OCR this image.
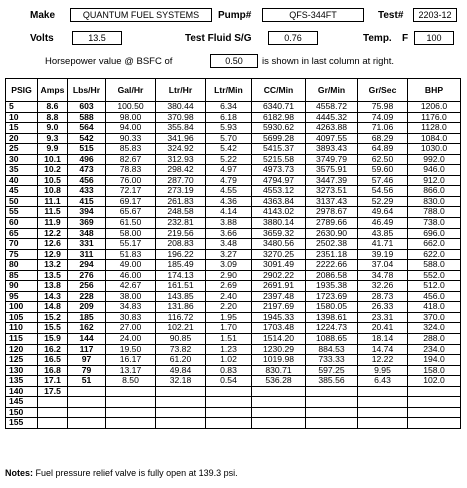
Make	QUANTUM FUEL SYSTEMS	Pump#	QFS-344FT	Test#	2203-12
Volts	13.5	Test Fluid S/G	0.76	Temp. F	100
Horsepower value @ BSFC of	0.50	is shown in last column at right.
PSIG	Amps	Lbs/Hr	Gal/Hr	Ltr/Hr	Ltr/Min	CC/Min	Gr/Min	Gr/Sec	BHP
5	8.6	603	100.50	380.44	6.34	6340.71	4558.72	75.98	1206.0
10	8.8	588	98.00	370.98	6.18	6182.98	4445.32	74.09	1176.0
15	9.0	564	94.00	355.84	5.93	5930.62	4263.88	71.06	1128.0
20	9.3	542	90.33	341.96	5.70	5699.28	4097.55	68.29	1084.0
25	9.9	515	85.83	324.92	5.42	5415.37	3893.43	64.89	1030.0
30	10.1	496	82.67	312.93	5.22	5215.58	3749.79	62.50	992.0
35	10.2	473	78.83	298.42	4.97	4973.73	3575.91	59.60	946.0
40	10.5	456	76.00	287.70	4.79	4794.97	3447.39	57.46	912.0
45	10.8	433	72.17	273.19	4.55	4553.12	3273.51	54.56	866.0
50	11.1	415	69.17	261.83	4.36	4363.84	3137.43	52.29	830.0
55	11.5	394	65.67	248.58	4.14	4143.02	2978.67	49.64	788.0
60	11.9	369	61.50	232.81	3.88	3880.14	2789.66	46.49	738.0
65	12.2	348	58.00	219.56	3.66	3659.32	2630.90	43.85	696.0
70	12.6	331	55.17	208.83	3.48	3480.56	2502.38	41.71	662.0
75	12.9	311	51.83	196.22	3.27	3270.25	2351.18	39.19	622.0
80	13.2	294	49.00	185.49	3.09	3091.49	2222.66	37.04	588.0
85	13.5	276	46.00	174.13	2.90	2902.22	2086.58	34.78	552.0
90	13.8	256	42.67	161.51	2.69	2691.91	1935.38	32.26	512.0
95	14.3	228	38.00	143.85	2.40	2397.48	1723.69	28.73	456.0
100	14.8	209	34.83	131.86	2.20	2197.69	1580.05	26.33	418.0
105	15.2	185	30.83	116.72	1.95	1945.33	1398.61	23.31	370.0
110	15.5	162	27.00	102.21	1.70	1703.48	1224.73	20.41	324.0
115	15.9	144	24.00	90.85	1.51	1514.20	1088.65	18.14	288.0
120	16.2	117	19.50	73.82	1.23	1230.29	884.53	14.74	234.0
125	16.5	97	16.17	61.20	1.02	1019.98	733.33	12.22	194.0
130	16.8	79	13.17	49.84	0.83	830.71	597.25	9.95	158.0
135	17.1	51	8.50	32.18	0.54	536.28	385.56	6.43	102.0
140	17.5								
145									
150									
155									
Notes: Fuel pressure relief valve is fully open at 139.3 psi.
